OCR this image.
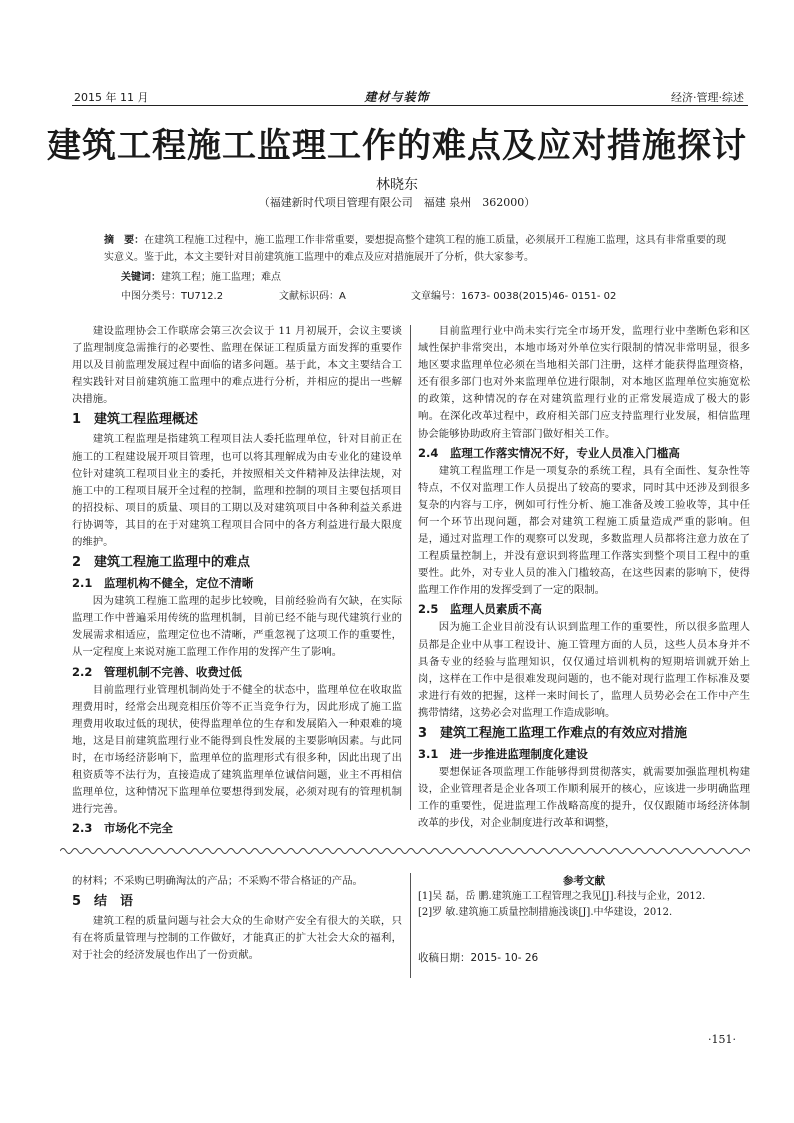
2015 年 11 月	建材与装饰	经济·管理·综述
建筑工程施工监理工作的难点及应对措施探讨
林晓东
（福建新时代项目管理有限公司　福建 泉州　362000）
摘　要：在建筑工程施工过程中，施工监理工作非常重要，要想提高整个建筑工程的施工质量，必须展开工程施工监理，这具有非常重要的现实意义。鉴于此，本文主要针对目前建筑施工监理中的难点及应对措施展开了分析，供大家参考。
关键词：建筑工程；施工监理；难点
中图分类号：TU712.2	文献标识码：A	文章编号：1673- 0038(2015)46- 0151- 02

建设监理协会工作联席会第三次会议于 11 月初展开，会议主要谈了监理制度急需推行的必要性、监理在保证工程质量方面发挥的重要作用以及目前监理发展过程中面临的诸多问题。基于此，本文主要结合工程实践针对目前建筑施工监理中的难点进行分析，并相应的提出一些解决措施。

1　建筑工程监理概述

建筑工程监理是指建筑工程项目法人委托监理单位，针对目前正在施工的工程建设展开项目管理，也可以将其理解成为由专业化的建设单位针对建筑工程项目业主的委托，并按照相关文件精神及法律法规，对施工中的工程项目展开全过程的控制，监理和控制的项目主要包括项目的招投标、项目的质量、项目的工期以及对建筑项目中各种利益关系进行协调等，其目的在于对建筑工程项目合同中的各方利益进行最大限度的维护。

2　建筑工程施工监理中的难点
2.1　监理机构不健全，定位不清晰

因为建筑工程施工监理的起步比较晚，目前经验尚有欠缺，在实际监理工作中普遍采用传统的监理机制，目前已经不能与现代建筑行业的发展需求相适应，监理定位也不清晰，严重忽视了这项工作的重要性，从一定程度上来说对施工监理工作作用的发挥产生了影响。

2.2　管理机制不完善、收费过低

目前监理行业管理机制尚处于不健全的状态中，监理单位在收取监理费用时，经常会出现竞相压价等不正当竞争行为，因此形成了施工监理费用收取过低的现状，使得监理单位的生存和发展陷入一种艰难的境地，这是目前建筑监理行业不能得到良性发展的主要影响因素。与此同时，在市场经济影响下，监理单位的监理形式有很多种，因此出现了出租资质等不法行为，直接造成了建筑监理单位诚信问题，业主不再相信监理单位，这种情况下监理单位要想得到发展，必须对现有的管理机制进行完善。

2.3　市场化不完全

目前监理行业中尚未实行完全市场开发，监理行业中垄断色彩和区域性保护非常突出，本地市场对外单位实行限制的情况非常明显，很多地区要求监理单位必须在当地相关部门注册，这样才能获得监理资格，还有很多部门也对外来监理单位进行限制，对本地区监理单位实施宽松的政策，这种情况的存在对建筑监理行业的正常发展造成了极大的影响。在深化改革过程中，政府相关部门应支持监理行业发展，相信监理协会能够协助政府主管部门做好相关工作。

2.4　监理工作落实情况不好，专业人员准入门槛高

建筑工程监理工作是一项复杂的系统工程，具有全面性、复杂性等特点，不仅对监理工作人员提出了较高的要求，同时其中还涉及到很多复杂的内容与工序，例如可行性分析、施工准备及竣工验收等，其中任何一个环节出现问题，都会对建筑工程施工质量造成严重的影响。但是，通过对监理工作的观察可以发现，多数监理人员都将注意力放在了工程质量控制上，并没有意识到将监理工作落实到整个项目工程中的重要性。此外，对专业人员的准入门槛较高，在这些因素的影响下，使得监理工作作用的发挥受到了一定的限制。

2.5　监理人员素质不高

因为施工企业目前没有认识到监理工作的重要性，所以很多监理人员都是企业中从事工程设计、施工管理方面的人员，这些人员本身并不具备专业的经验与监理知识，仅仅通过培训机构的短期培训就开始上岗，这样在工作中是很难发现问题的，也不能对现行监理工作标准及要求进行有效的把握，这样一来时间长了，监理人员势必会在工作中产生携带情绪，这势必会对监理工作造成影响。

3　建筑工程施工监理工作难点的有效应对措施
3.1　进一步推进监理制度化建设

要想保证各项监理工作能够得到贯彻落实，就需要加强监理机构建设，企业管理者是企业各项工作顺利展开的核心，应该进一步明确监理工作的重要性，促进监理工作战略高度的提升，仅仅跟随市场经济体制改革的步伐，对企业制度进行改革和调整，

的材料；不采购已明确淘汰的产品；不采购不带合格证的产品。

5　结　语

建筑工程的质量问题与社会大众的生命财产安全有很大的关联，只有在将质量管理与控制的工作做好，才能真正的扩大社会大众的福利，对于社会的经济发展也作出了一份贡献。

参考文献
[1]吴 磊，岳 鹏.建筑施工工程管理之我见[J].科技与企业，2012.
[2]罗 敏.建筑施工质量控制措施浅谈[J].中华建设，2012.
收稿日期：2015- 10- 26
·151·
